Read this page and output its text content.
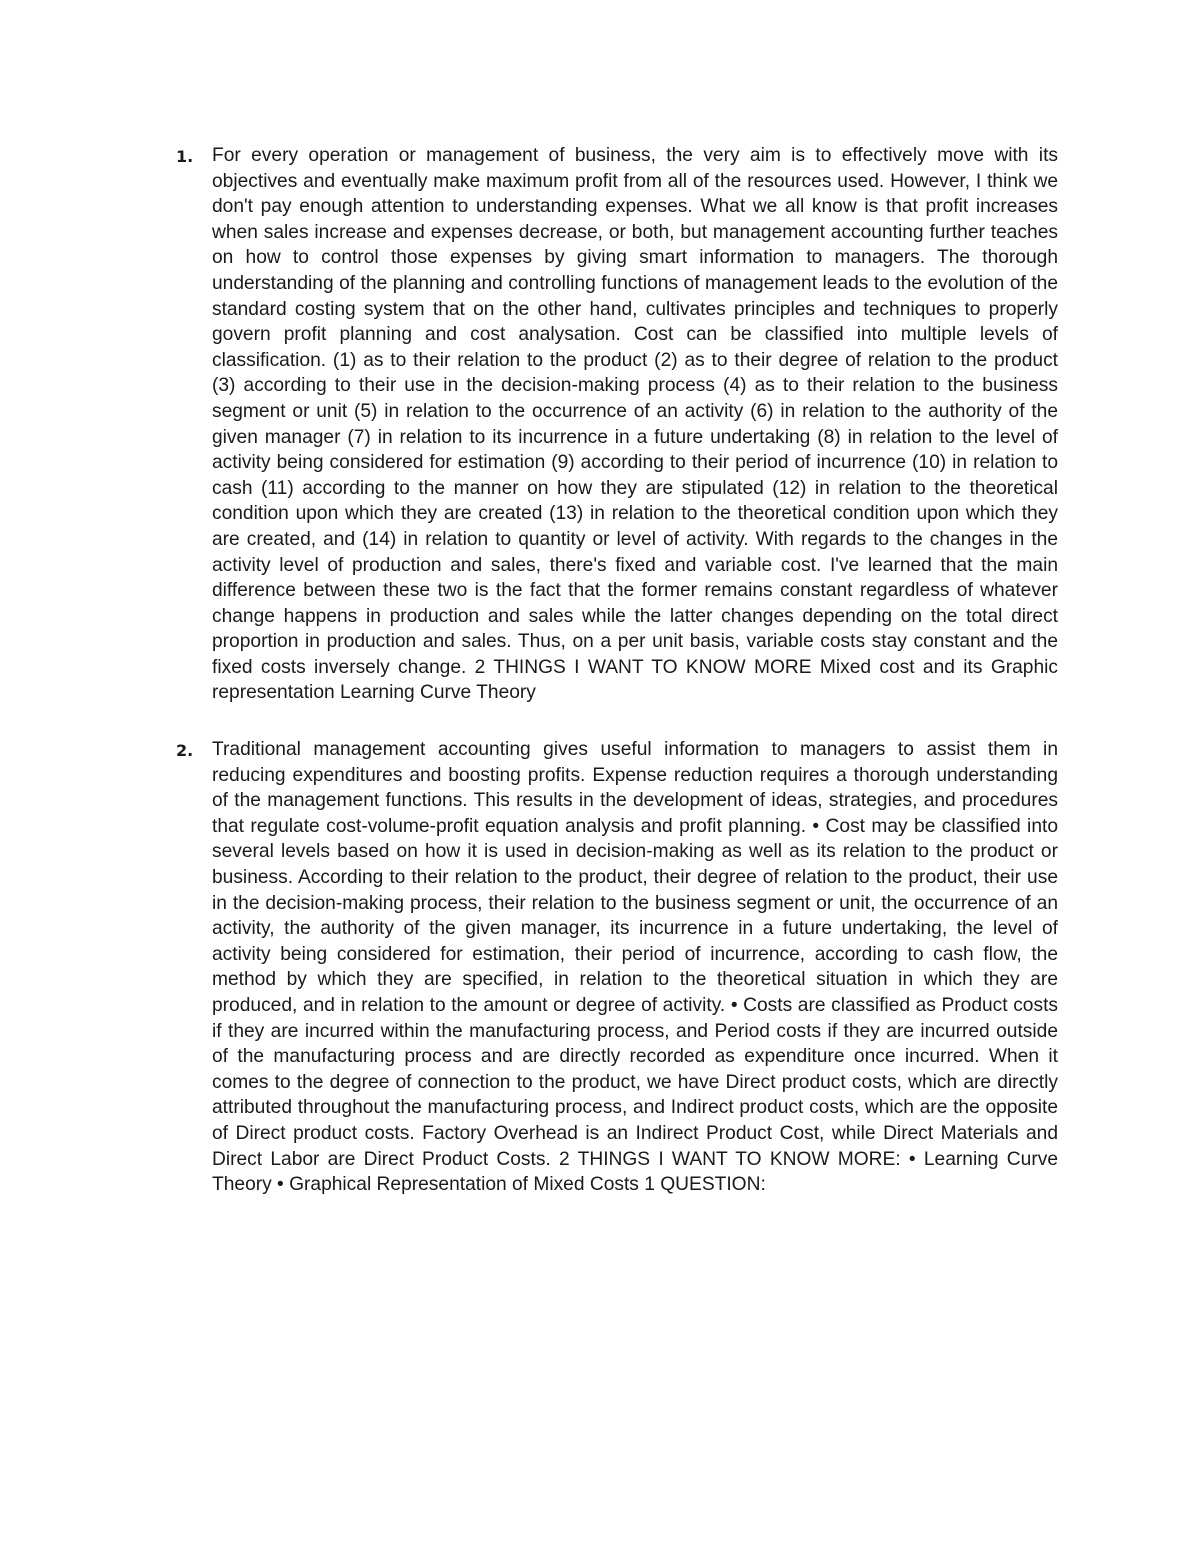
1. For every operation or management of business, the very aim is to effectively move with its objectives and eventually make maximum profit from all of the resources used. However, I think we don't pay enough attention to understanding expenses. What we all know is that profit increases when sales increase and expenses decrease, or both, but management accounting further teaches on how to control those expenses by giving smart information to managers. The thorough understanding of the planning and controlling functions of management leads to the evolution of the standard costing system that on the other hand, cultivates principles and techniques to properly govern profit planning and cost analysation. Cost can be classified into multiple levels of classification. (1) as to their relation to the product (2) as to their degree of relation to the product (3) according to their use in the decision-making process (4) as to their relation to the business segment or unit (5) in relation to the occurrence of an activity (6) in relation to the authority of the given manager (7) in relation to its incurrence in a future undertaking (8) in relation to the level of activity being considered for estimation (9) according to their period of incurrence (10) in relation to cash (11) according to the manner on how they are stipulated (12) in relation to the theoretical condition upon which they are created (13) in relation to the theoretical condition upon which they are created, and (14) in relation to quantity or level of activity. With regards to the changes in the activity level of production and sales, there's fixed and variable cost. I've learned that the main difference between these two is the fact that the former remains constant regardless of whatever change happens in production and sales while the latter changes depending on the total direct proportion in production and sales. Thus, on a per unit basis, variable costs stay constant and the fixed costs inversely change. 2 THINGS I WANT TO KNOW MORE Mixed cost and its Graphic representation Learning Curve Theory

2. Traditional management accounting gives useful information to managers to assist them in reducing expenditures and boosting profits. Expense reduction requires a thorough understanding of the management functions. This results in the development of ideas, strategies, and procedures that regulate cost-volume-profit equation analysis and profit planning. • Cost may be classified into several levels based on how it is used in decision-making as well as its relation to the product or business. According to their relation to the product, their degree of relation to the product, their use in the decision-making process, their relation to the business segment or unit, the occurrence of an activity, the authority of the given manager, its incurrence in a future undertaking, the level of activity being considered for estimation, their period of incurrence, according to cash flow, the method by which they are specified, in relation to the theoretical situation in which they are produced, and in relation to the amount or degree of activity. • Costs are classified as Product costs if they are incurred within the manufacturing process, and Period costs if they are incurred outside of the manufacturing process and are directly recorded as expenditure once incurred. When it comes to the degree of connection to the product, we have Direct product costs, which are directly attributed throughout the manufacturing process, and Indirect product costs, which are the opposite of Direct product costs. Factory Overhead is an Indirect Product Cost, while Direct Materials and Direct Labor are Direct Product Costs. 2 THINGS I WANT TO KNOW MORE: • Learning Curve Theory • Graphical Representation of Mixed Costs 1 QUESTION:
